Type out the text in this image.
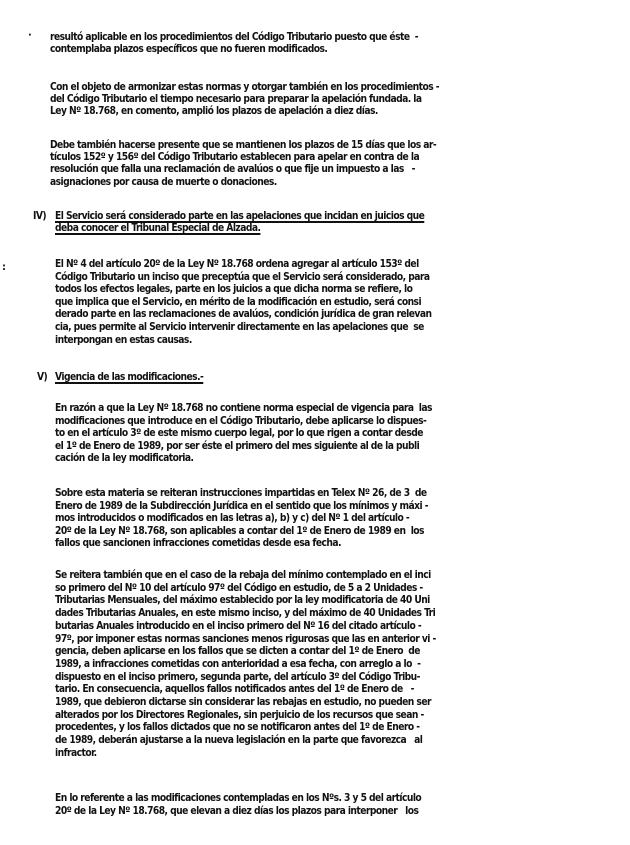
·
:
resultó aplicable en los procedimientos del Código Tributario puesto que éste  -
contemplaba plazos específicos que no fueren modificados.
Con el objeto de armonizar estas normas y otorgar también en los procedimientos -
del Código Tributario el tiempo necesario para preparar la apelación fundada. la
Ley Nº 18.768, en comento, amplió los plazos de apelación a diez días.
Debe también hacerse presente que se mantienen los plazos de 15 días que los ar-
tículos 152º y 156º del Código Tributario establecen para apelar en contra de la
resolución que falla una reclamación de avalúos o que fije un impuesto a las   -
asignaciones por causa de muerte o donaciones.
IV) El Servicio será considerado parte en las apelaciones que incidan en juicios que
deba conocer el Tribunal Especial de Alzada.
El Nº 4 del artículo 20º de la Ley Nº 18.768 ordena agregar al artículo 153º del
Código Tributario un inciso que preceptúa que el Servicio será considerado, para
todos los efectos legales, parte en los juicios a que dicha norma se refiere, lo
que implica que el Servicio, en mérito de la modificación en estudio, será consi
derado parte en las reclamaciones de avalúos, condición jurídica de gran relevan
cia, pues permite al Servicio intervenir directamente en las apelaciones que  se
interpongan en estas causas.
V) Vigencia de las modificaciones.-
En razón a que la Ley Nº 18.768 no contiene norma especial de vigencia para  las
modificaciones que introduce en el Código Tributario, debe aplicarse lo dispues-
to en el artículo 3º de este mismo cuerpo legal, por lo que rigen a contar desde
el 1º de Enero de 1989, por ser éste el primero del mes siguiente al de la publi
cación de la ley modificatoria.
Sobre esta materia se reiteran instrucciones impartidas en Telex Nº 26, de 3  de
Enero de 1989 de la Subdirección Jurídica en el sentido que los mínimos y máxi -
mos introducidos o modificados en las letras a), b) y c) del Nº 1 del artículo -
20º de la Ley Nº 18.768, son aplicables a contar del 1º de Enero de 1989 en  los
fallos que sancionen infracciones cometidas desde esa fecha.
Se reitera también que en el caso de la rebaja del mínimo contemplado en el inci
so primero del Nº 10 del artículo 97º del Código en estudio, de 5 a 2 Unidades -
Tributarias Mensuales, del máximo establecido por la ley modificatoria de 40 Uni
dades Tributarias Anuales, en este mismo inciso, y del máximo de 40 Unidades Tri
butarias Anuales introducido en el inciso primero del Nº 16 del citado artículo -
97º, por imponer estas normas sanciones menos rigurosas que las en anterior vi -
gencia, deben aplicarse en los fallos que se dicten a contar del 1º de Enero  de
1989, a infracciones cometidas con anterioridad a esa fecha, con arreglo a lo  -
dispuesto en el inciso primero, segunda parte, del artículo 3º del Código Tribu-
tario. En consecuencia, aquellos fallos notificados antes del 1º de Enero de   -
1989, que debieron dictarse sin considerar las rebajas en estudio, no pueden ser
alterados por los Directores Regionales, sin perjuicio de los recursos que sean -
procedentes, y los fallos dictados que no se notificaron antes del 1º de Enero -
de 1989, deberán ajustarse a la nueva legislación en la parte que favorezca   al
infractor.
En lo referente a las modificaciones contempladas en los Nºs. 3 y 5 del artículo
20º de la Ley Nº 18.768, que elevan a diez días los plazos para interponer   los
